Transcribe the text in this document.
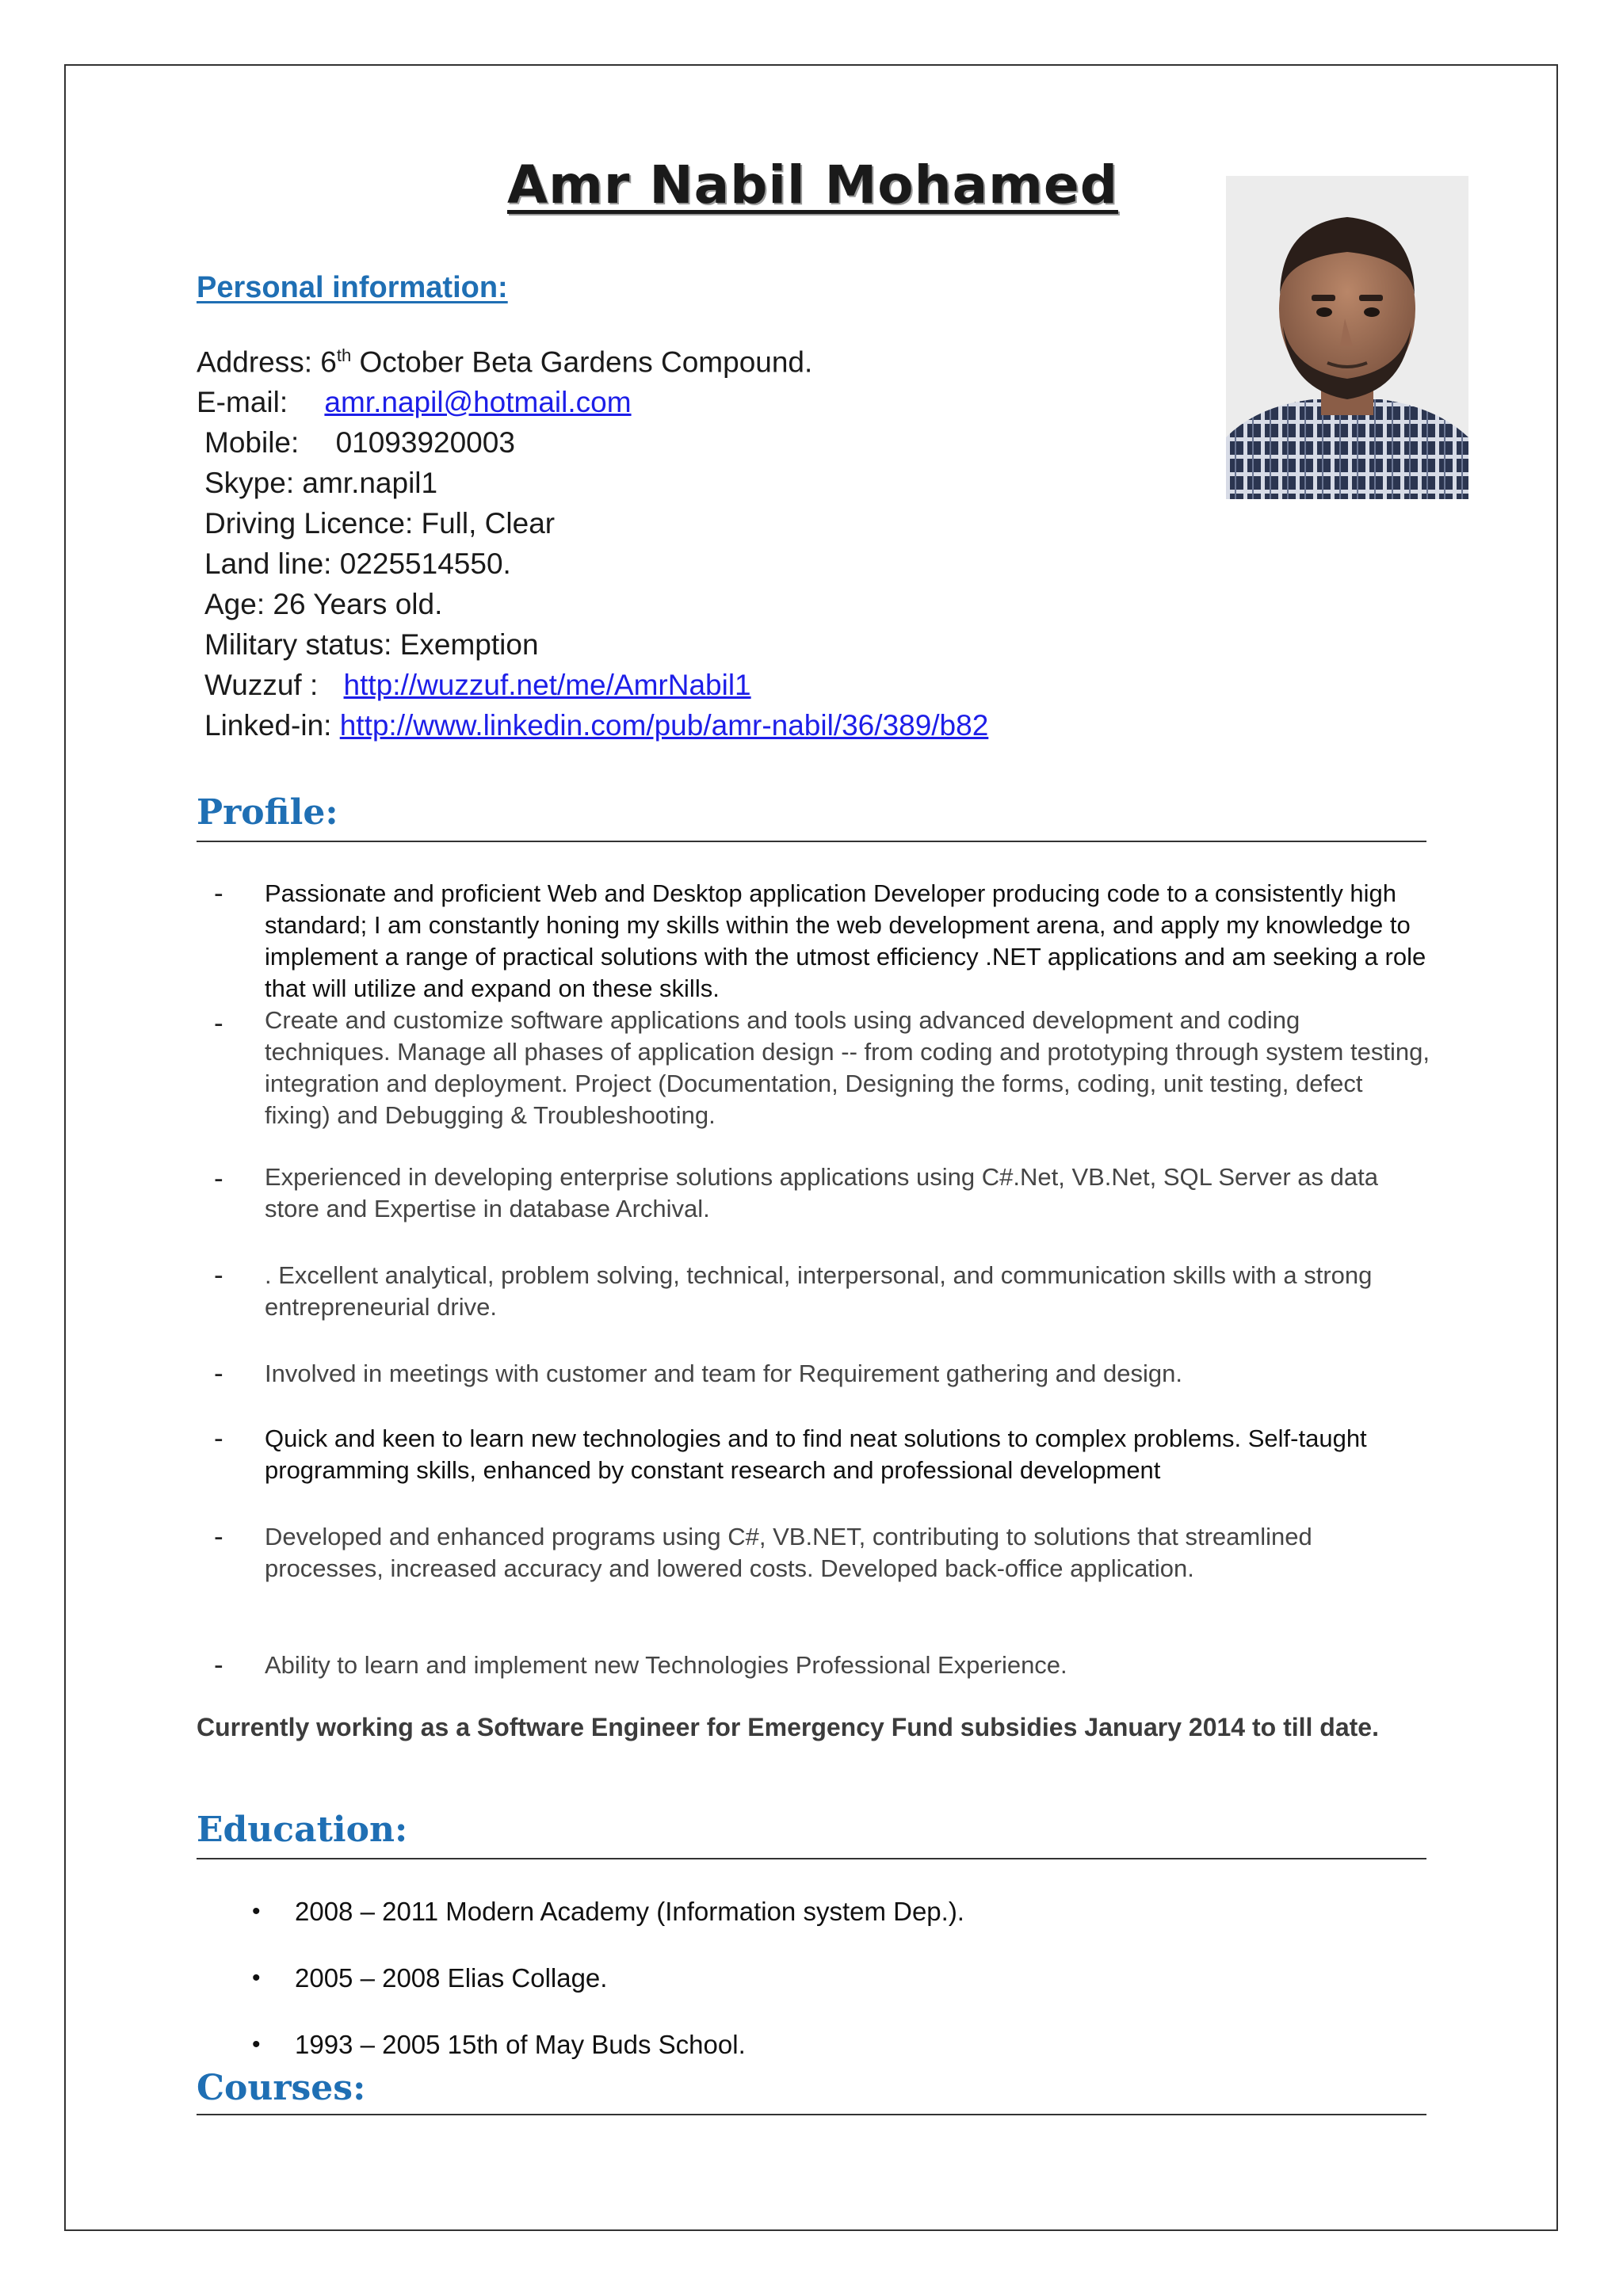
Amr Nabil Mohamed
Personal information:
Address: 6th October Beta Gardens Compound.
E-mail: amr.napil@hotmail.com
Mobile: 01093920003
Skype: amr.napil1
Driving Licence: Full, Clear
Land line: 0225514550.
Age: 26 Years old.
Military status: Exemption
Wuzzuf : http://wuzzuf.net/me/AmrNabil1
Linked-in: http://www.linkedin.com/pub/amr-nabil/36/389/b82
Profile:
- Passionate and proficient Web and Desktop application Developer producing code to a consistently high standard; I am constantly honing my skills within the web development arena, and apply my knowledge to implement a range of practical solutions with the utmost efficiency .NET applications and am seeking a role that will utilize and expand on these skills.
- Create and customize software applications and tools using advanced development and coding techniques. Manage all phases of application design -- from coding and prototyping through system testing, integration and deployment. Project (Documentation, Designing the forms, coding, unit testing, defect fixing) and Debugging & Troubleshooting.
- Experienced in developing enterprise solutions applications using C#.Net, VB.Net, SQL Server as data store and Expertise in database Archival.
- . Excellent analytical, problem solving, technical, interpersonal, and communication skills with a strong entrepreneurial drive.
- Involved in meetings with customer and team for Requirement gathering and design.
- Quick and keen to learn new technologies and to find neat solutions to complex problems. Self-taught programming skills, enhanced by constant research and professional development
- Developed and enhanced programs using C#, VB.NET, contributing to solutions that streamlined processes, increased accuracy and lowered costs. Developed back-office application.
- Ability to learn and implement new Technologies Professional Experience.
Currently working as a Software Engineer for Emergency Fund subsidies January 2014 to till date.
Education:
• 2008 – 2011 Modern Academy (Information system Dep.).
• 2005 – 2008 Elias Collage.
• 1993 – 2005 15th of May Buds School.
Courses:
